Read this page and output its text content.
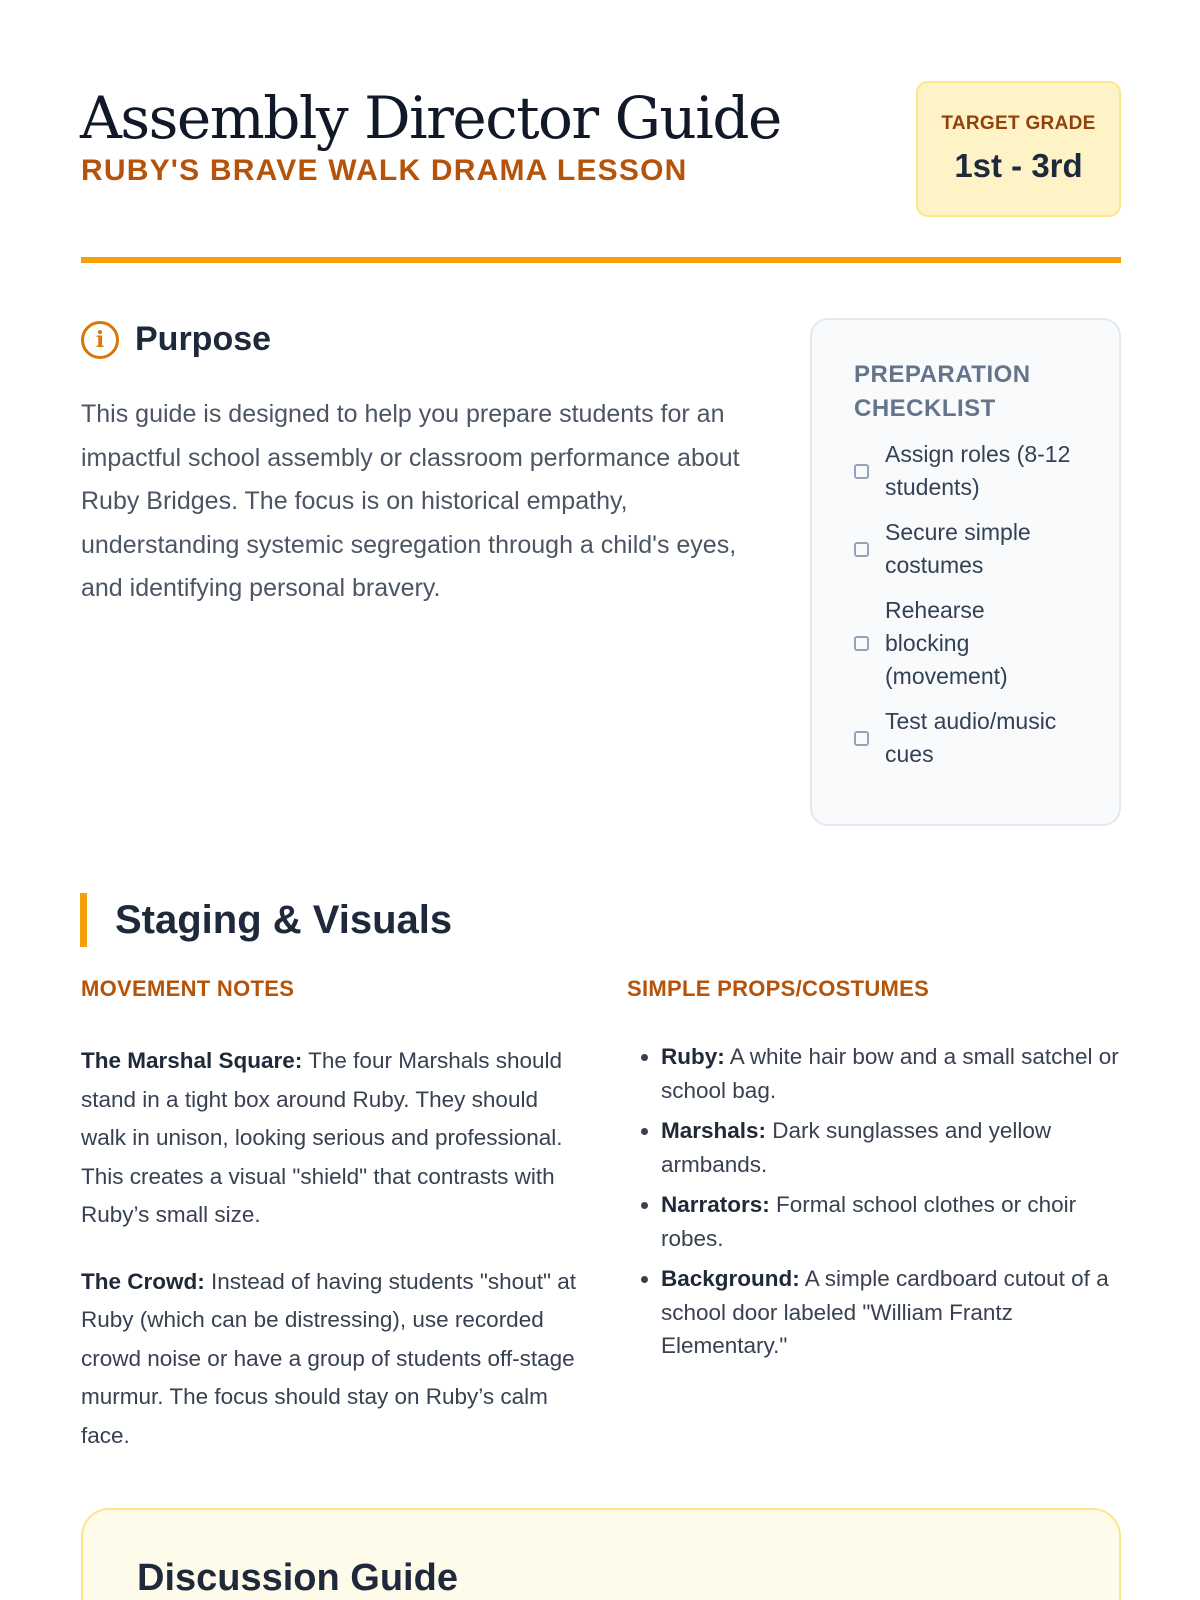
Assembly Director Guide
RUBY'S BRAVE WALK DRAMA LESSON
TARGET GRADE
1st - 3rd
i Purpose

This guide is designed to help you prepare students for an impactful school assembly or classroom performance about Ruby Bridges. The focus is on historical empathy, understanding systemic segregation through a child's eyes, and identifying personal bravery.

PREPARATION CHECKLIST
Assign roles (8-12 students)
Secure simple costumes
Rehearse blocking (movement)
Test audio/music cues
Staging & Visuals
MOVEMENT NOTES

The Marshal Square: The four Marshals should stand in a tight box around Ruby. They should walk in unison, looking serious and professional. This creates a visual "shield" that contrasts with Ruby’s small size.

The Crowd: Instead of having students "shout" at Ruby (which can be distressing), use recorded crowd noise or have a group of students off-stage murmur. The focus should stay on Ruby’s calm face.

SIMPLE PROPS/COSTUMES
• Ruby: A white hair bow and a small satchel or school bag.
• Marshals: Dark sunglasses and yellow armbands.
• Narrators: Formal school clothes or choir robes.
• Background: A simple cardboard cutout of a school door labeled "William Frantz Elementary."
Discussion Guide
